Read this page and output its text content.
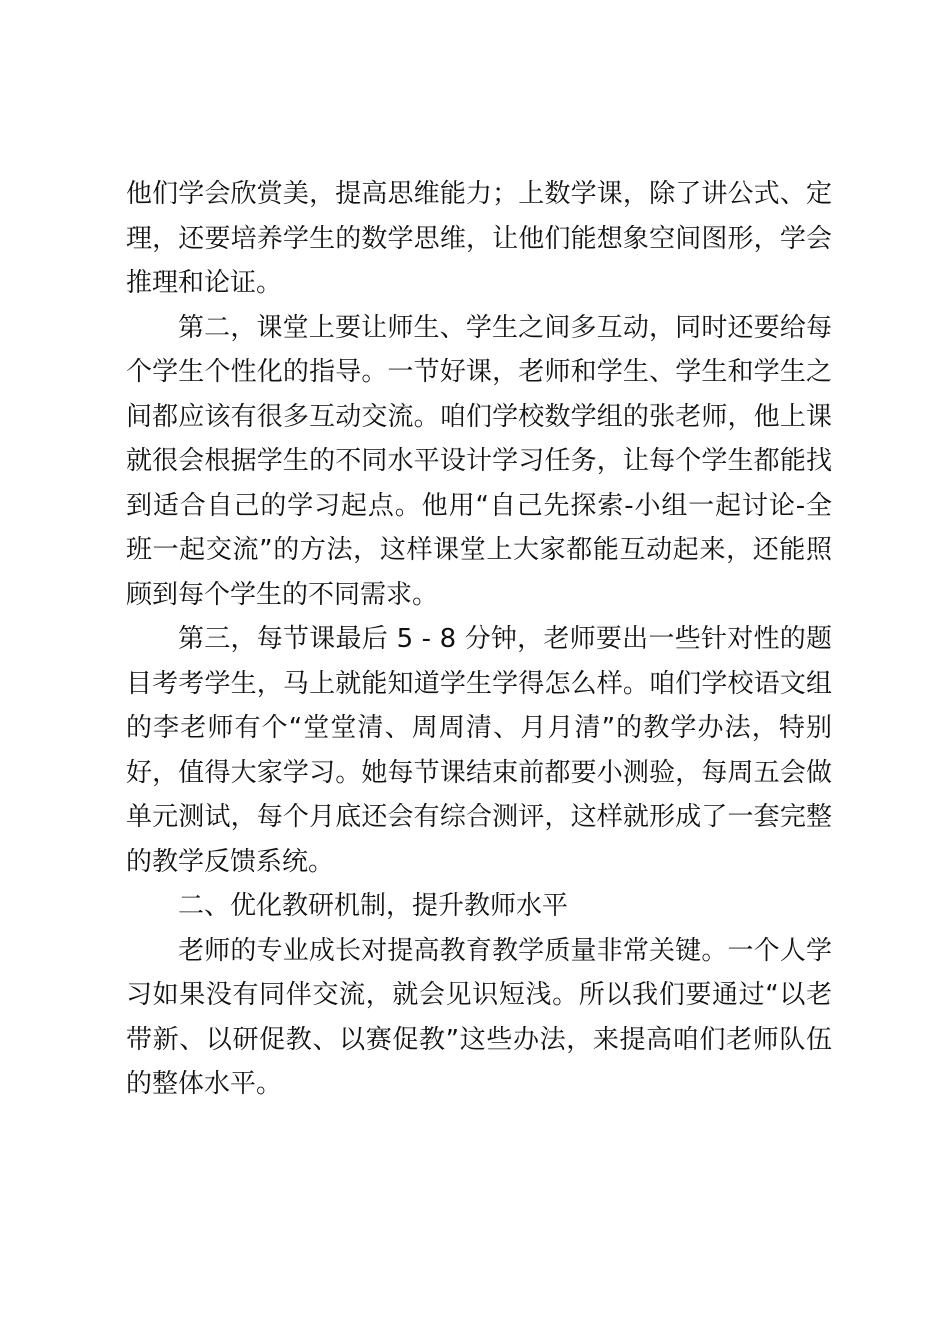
他们学会欣赏美，提高思维能力；上数学课，除了讲公式、定理，还要培养学生的数学思维，让他们能想象空间图形，学会推理和论证。

第二，课堂上要让师生、学生之间多互动，同时还要给每个学生个性化的指导。一节好课，老师和学生、学生和学生之间都应该有很多互动交流。咱们学校数学组的张老师，他上课就很会根据学生的不同水平设计学习任务，让每个学生都能找到适合自己的学习起点。他用“自己先探索-小组一起讨论-全班一起交流”的方法，这样课堂上大家都能互动起来，还能照顾到每个学生的不同需求。

第三，每节课最后 5 - 8 分钟，老师要出一些针对性的题目考考学生，马上就能知道学生学得怎么样。咱们学校语文组的李老师有个“堂堂清、周周清、月月清”的教学办法，特别好，值得大家学习。她每节课结束前都要小测验，每周五会做单元测试，每个月底还会有综合测评，这样就形成了一套完整的教学反馈系统。

二、优化教研机制，提升教师水平

老师的专业成长对提高教育教学质量非常关键。一个人学习如果没有同伴交流，就会见识短浅。所以我们要通过“以老带新、以研促教、以赛促教”这些办法，来提高咱们老师队伍的整体水平。
